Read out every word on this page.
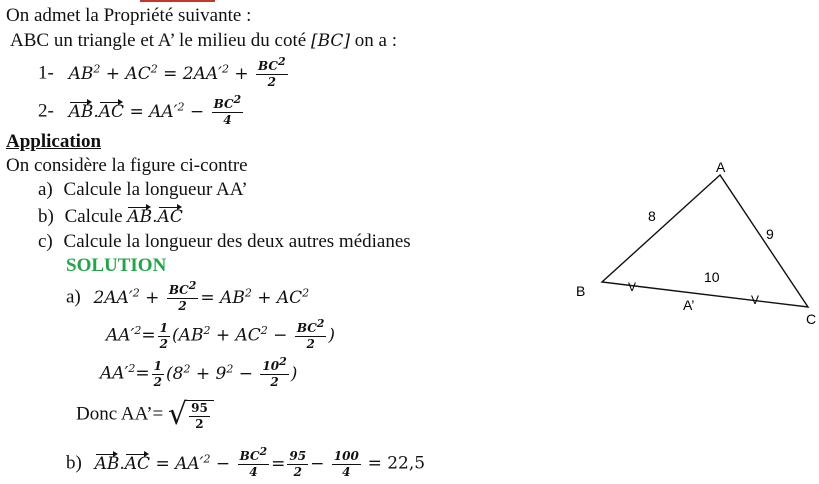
On admet la Propriété suivante :
ABC un triangle et A’ le milieu du coté [BC] on a :
1- $AB^2 + AC^2 = 2AA'^2 + \frac{BC^2}{2}$
2- $AB.AC = AA'^2 - \frac{BC^2}{4}$
Application
On considère la figure ci-contre
a) Calcule la longueur AA’
b) Calcule AB.AC
c) Calcule la longueur des deux autres médianes
SOLUTION
a) $2AA'^2 + \frac{BC^2}{2} = AB^2 + AC^2$
$AA'^2= \frac{1}{2} (AB^2 + AC^2 - \frac{BC^2}{2}$ )
$AA'^2= \frac{1}{2} (8^2 + 9^2 - \frac{10^2}{2}$ )
Donc AA’= √ $\frac{95}{2}$
b) $AB.AC = AA'^2 - \frac{BC^2}{4} = \frac{95}{2} - \frac{100}{4} = 22,5$
A
B
C
8
9
10
A’
V
V
